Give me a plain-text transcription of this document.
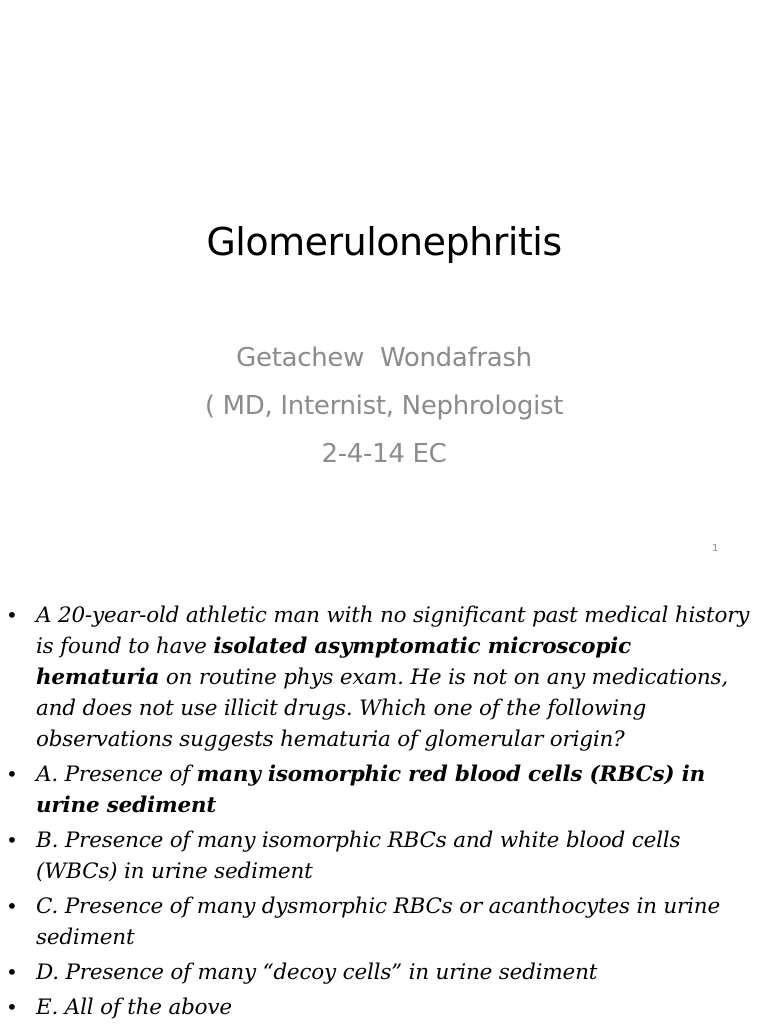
Glomerulonephritis
Getachew  Wondafrash
( MD, Internist, Nephrologist
2-4-14 EC
1
• A 20-year-old athletic man with no significant past medical history is found to have isolated asymptomatic microscopic hematuria on routine phys exam. He is not on any medications, and does not use illicit drugs. Which one of the following observations suggests hematuria of glomerular origin?
• A. Presence of many isomorphic red blood cells (RBCs) in urine sediment
• B. Presence of many isomorphic RBCs and white blood cells (WBCs) in urine sediment
• C. Presence of many dysmorphic RBCs or acanthocytes in urine sediment
• D. Presence of many “decoy cells” in urine sediment
• E. All of the above
